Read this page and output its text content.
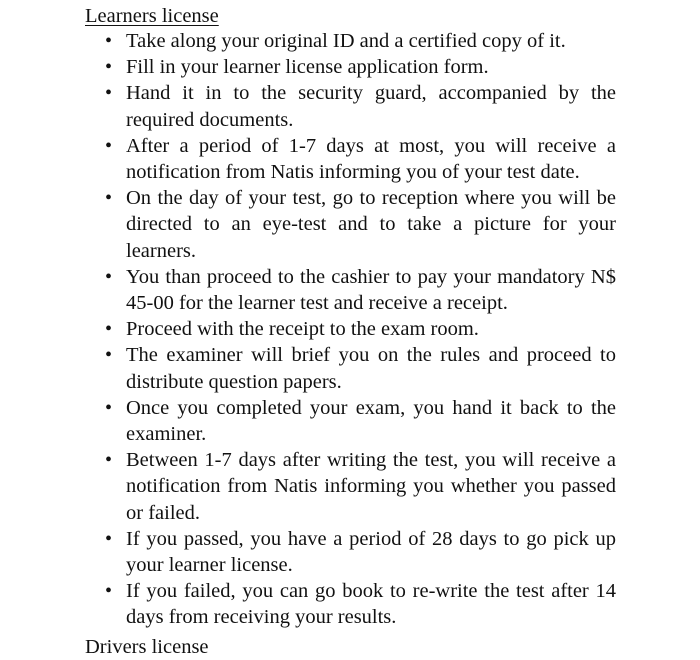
Learners license
• Take along your original ID and a certified copy of it.
• Fill in your learner license application form.
• Hand it in to the security guard, accompanied by the required documents.
• After a period of 1-7 days at most, you will receive a notification from Natis informing you of your test date.
• On the day of your test, go to reception where you will be directed to an eye-test and to take a picture for your learners.
• You than proceed to the cashier to pay your mandatory N$ 45-00 for the learner test and receive a receipt.
• Proceed with the receipt to the exam room.
• The examiner will brief you on the rules and proceed to distribute question papers.
• Once you completed your exam, you hand it back to the examiner.
• Between 1-7 days after writing the test, you will receive a notification from Natis informing you whether you passed or failed.
• If you passed, you have a period of 28 days to go pick up your learner license.
• If you failed, you can go book to re-write the test after 14 days from receiving your results.
Drivers license
